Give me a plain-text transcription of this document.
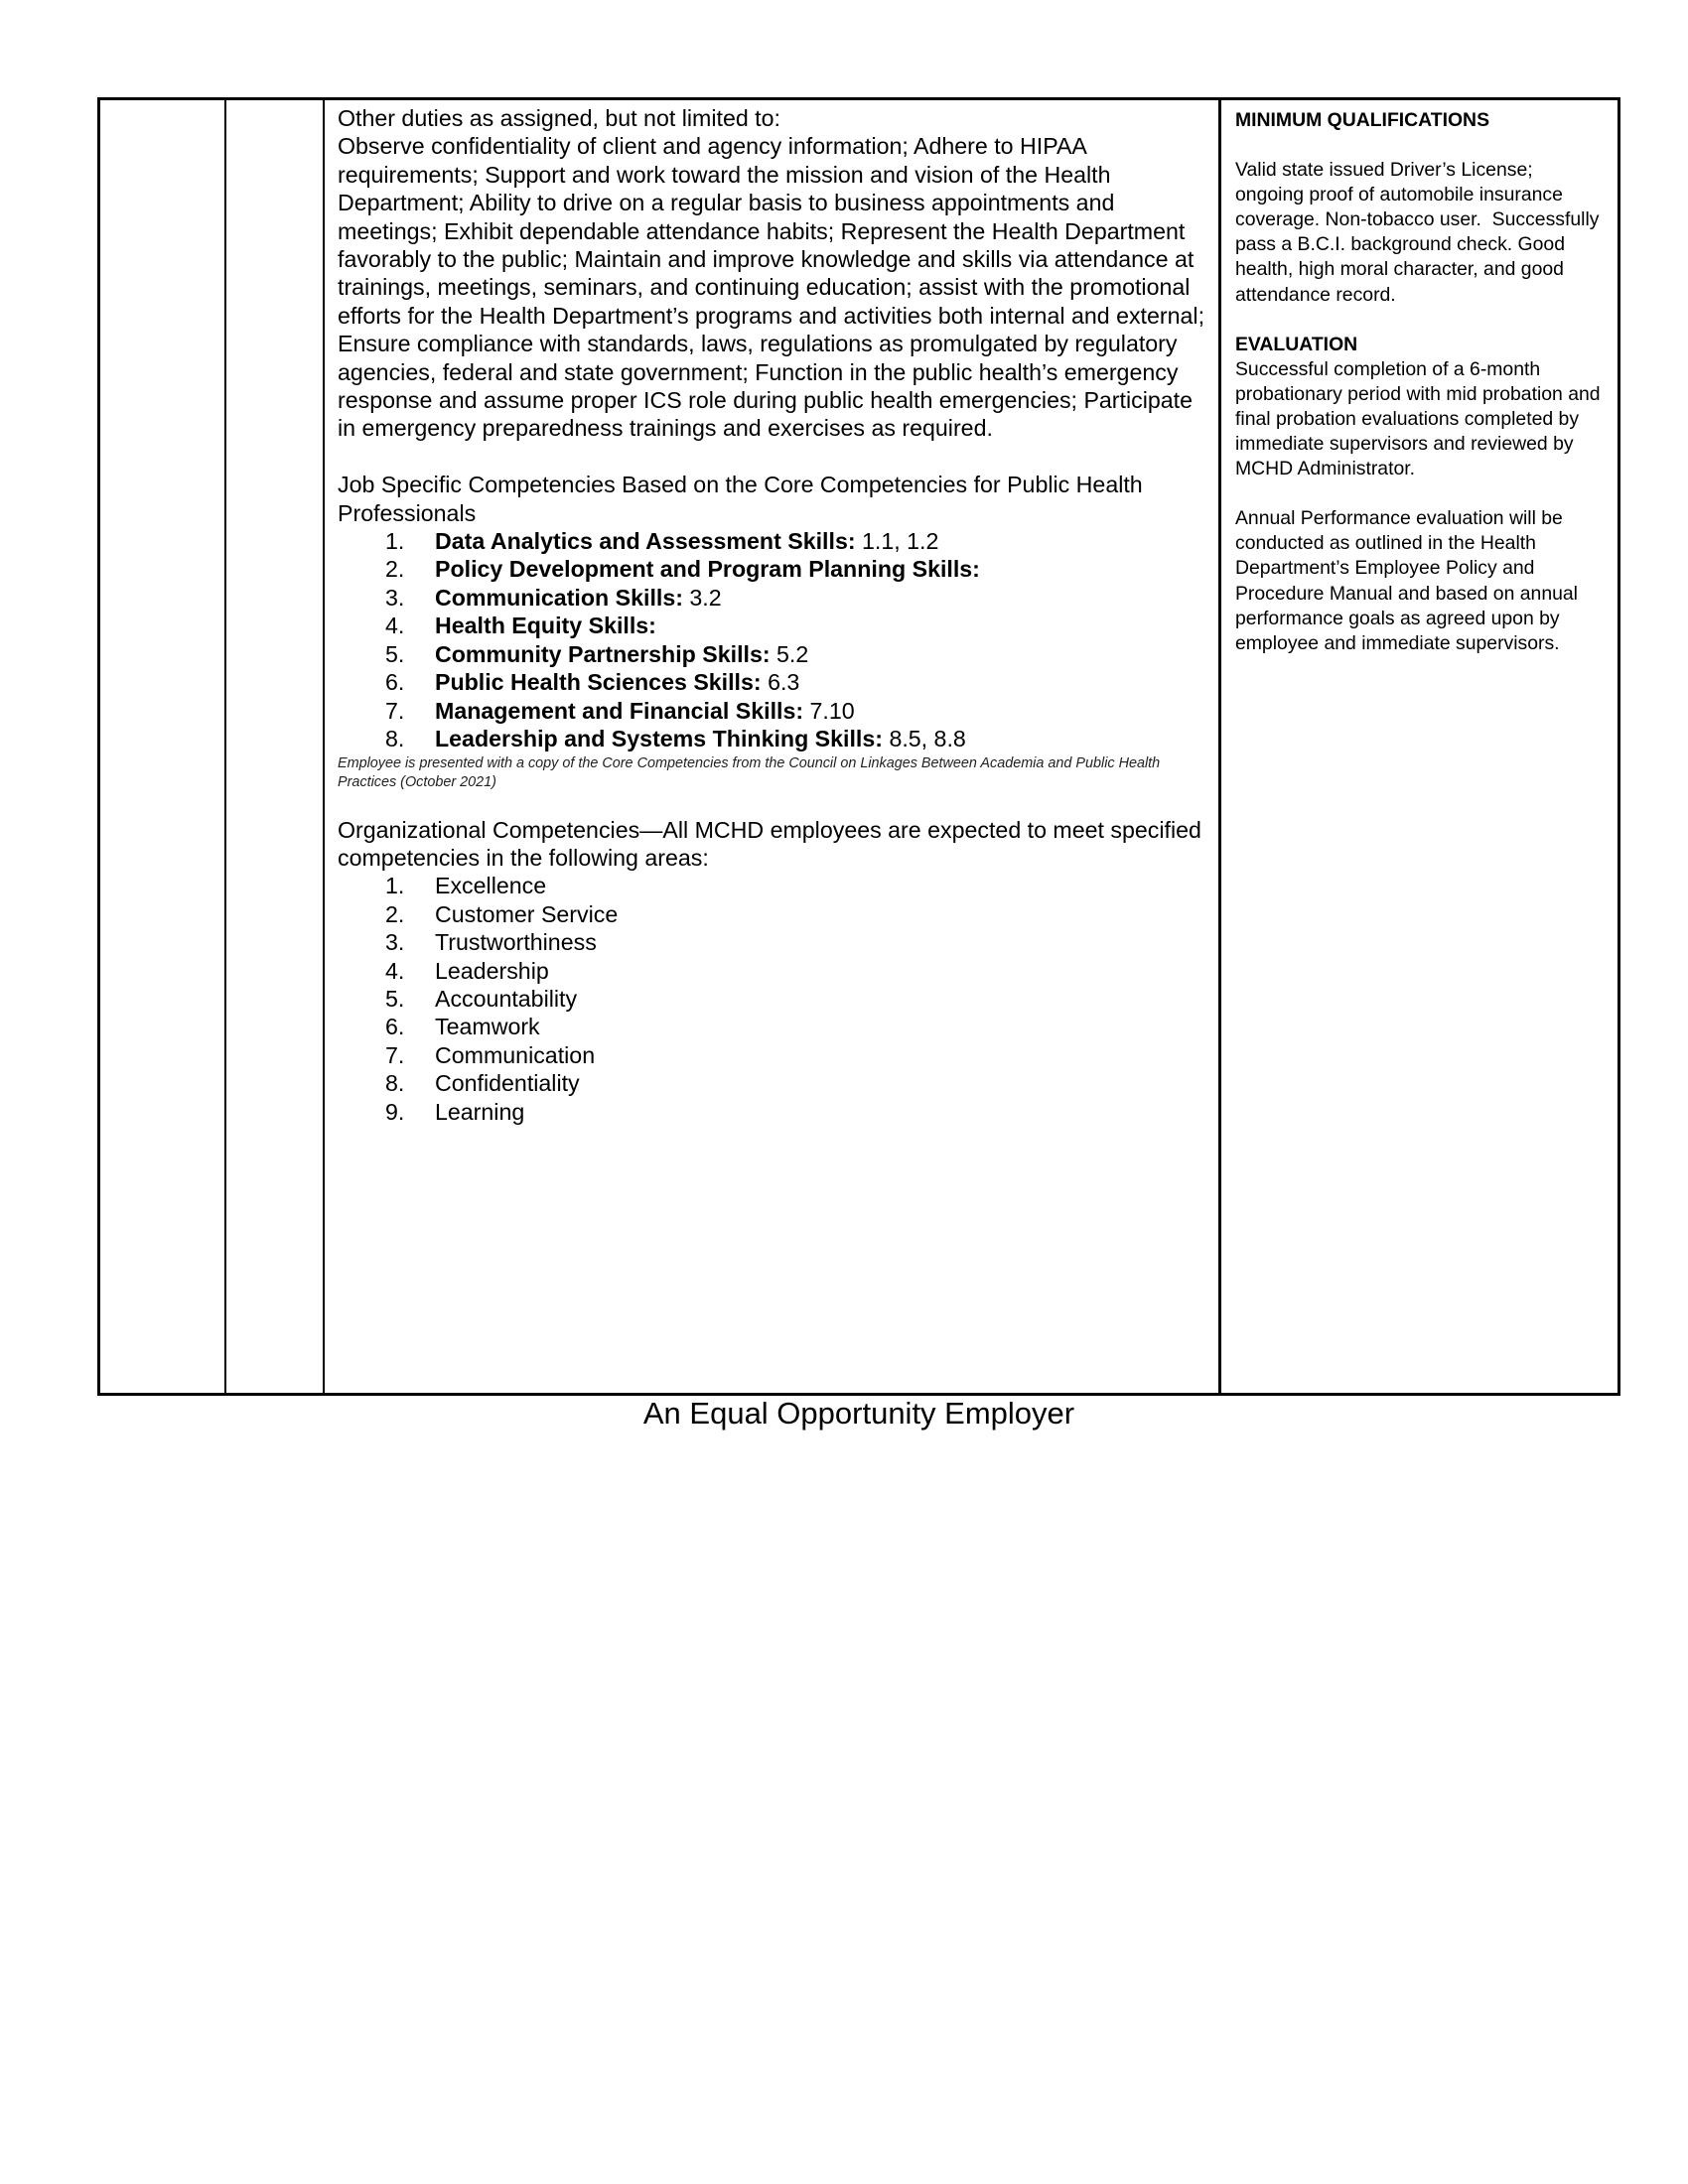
Other duties as assigned, but not limited to:

Observe confidentiality of client and agency information; Adhere to HIPAA requirements; Support and work toward the mission and vision of the Health Department; Ability to drive on a regular basis to business appointments and meetings; Exhibit dependable attendance habits; Represent the Health Department favorably to the public; Maintain and improve knowledge and skills via attendance at trainings, meetings, seminars, and continuing education; assist with the promotional efforts for the Health Department’s programs and activities both internal and external; Ensure compliance with standards, laws, regulations as promulgated by regulatory agencies, federal and state government; Function in the public health’s emergency response and assume proper ICS role during public health emergencies; Participate in emergency preparedness trainings and exercises as required.

Job Specific Competencies Based on the Core Competencies for Public Health Professionals

1.	Data Analytics and Assessment Skills: 1.1, 1.2
2.	Policy Development and Program Planning Skills:
3.	Communication Skills: 3.2
4.	Health Equity Skills:
5.	Community Partnership Skills: 5.2
6.	Public Health Sciences Skills: 6.3
7.	Management and Financial Skills: 7.10
8.	Leadership and Systems Thinking Skills: 8.5, 8.8

Employee is presented with a copy of the Core Competencies from the Council on Linkages Between Academia and Public Health Practices (October 2021)

Organizational Competencies—All MCHD employees are expected to meet specified competencies in the following areas:

1.	Excellence
2.	Customer Service
3.	Trustworthiness
4.	Leadership
5.	Accountability
6.	Teamwork
7.	Communication
8.	Confidentiality
9.	Learning

MINIMUM QUALIFICATIONS

Valid state issued Driver’s License; ongoing proof of automobile insurance coverage. Non-tobacco user.  Successfully pass a B.C.I. background check. Good health, high moral character, and good attendance record.

EVALUATION

Successful completion of a 6-month probationary period with mid probation and final probation evaluations completed by immediate supervisors and reviewed by MCHD Administrator.

Annual Performance evaluation will be conducted as outlined in the Health Department’s Employee Policy and Procedure Manual and based on annual performance goals as agreed upon by employee and immediate supervisors.

An Equal Opportunity Employer
